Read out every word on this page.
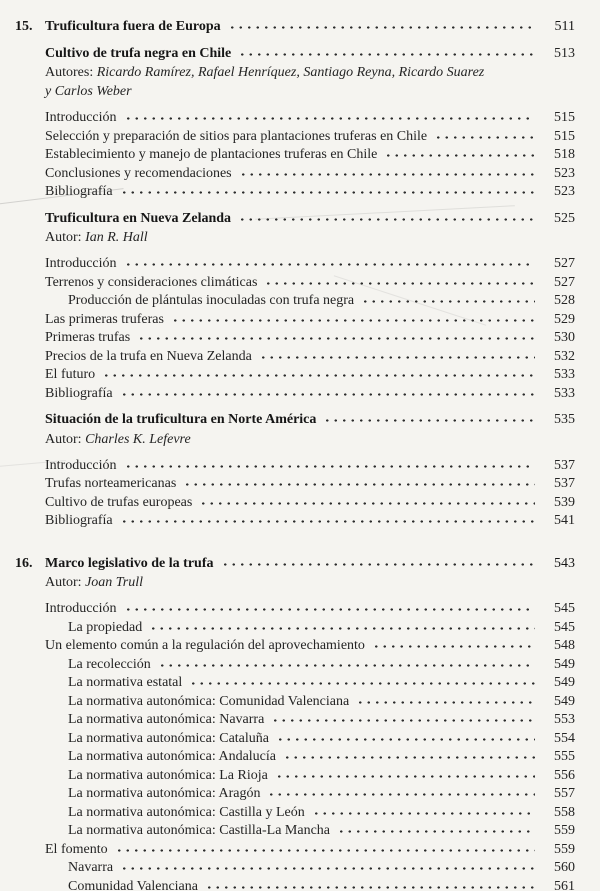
15. Truficultura fuera de Europa	511
Cultivo de trufa negra en Chile	513
Autores: Ricardo Ramírez, Rafael Henríquez, Santiago Reyna, Ricardo Suarez
y Carlos Weber
Introducción	515
Selección y preparación de sitios para plantaciones truferas en Chile	515
Establecimiento y manejo de plantaciones truferas en Chile	518
Conclusiones y recomendaciones	523
Bibliografía	523
Truficultura en Nueva Zelanda	525
Autor: Ian R. Hall
Introducción	527
Terrenos y consideraciones climáticas	527
Producción de plántulas inoculadas con trufa negra	528
Las primeras truferas	529
Primeras trufas	530
Precios de la trufa en Nueva Zelanda	532
El futuro	533
Bibliografía	533
Situación de la truficultura en Norte América	535
Autor: Charles K. Lefevre
Introducción	537
Trufas norteamericanas	537
Cultivo de trufas europeas	539
Bibliografía	541
16. Marco legislativo de la trufa	543
Autor: Joan Trull
Introducción	545
La propiedad	545
Un elemento común a la regulación del aprovechamiento	548
La recolección	549
La normativa estatal	549
La normativa autonómica: Comunidad Valenciana	549
La normativa autonómica: Navarra	553
La normativa autonómica: Cataluña	554
La normativa autonómica: Andalucía	555
La normativa autonómica: La Rioja	556
La normativa autonómica: Aragón	557
La normativa autonómica: Castilla y León	558
La normativa autonómica: Castilla-La Mancha	559
El fomento	559
Navarra	560
Comunidad Valenciana	561
